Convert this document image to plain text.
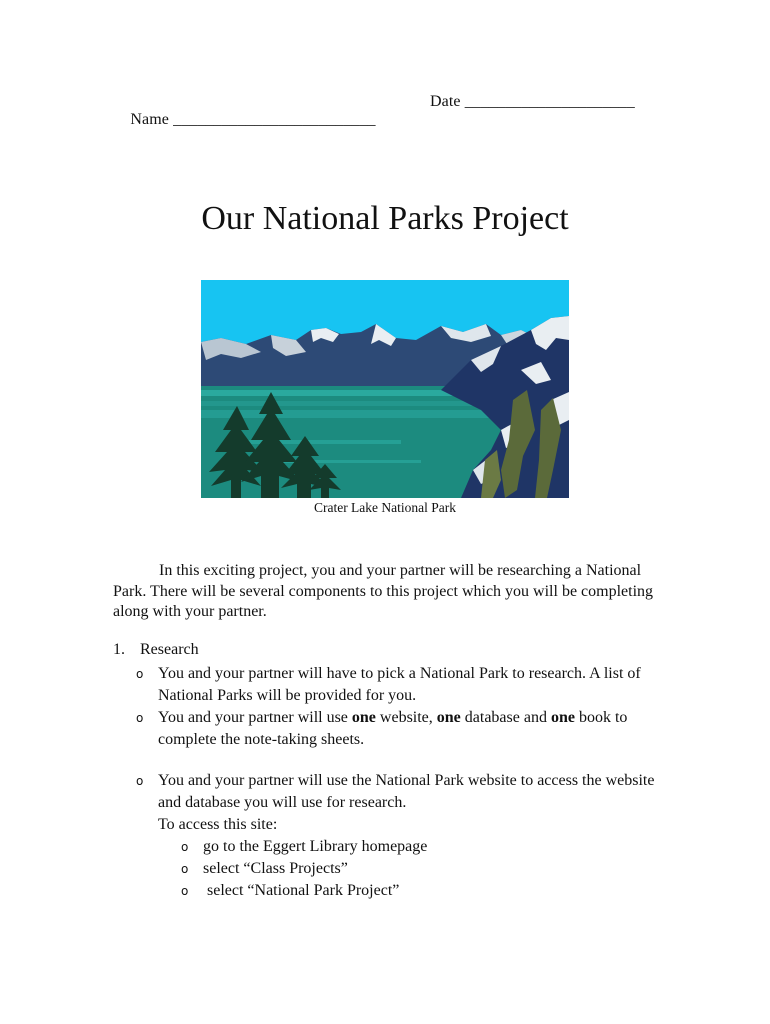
Name _________________________

Date _____________________

Our National Parks Project
Crater Lake National Park

In this exciting project, you and your partner will be researching a National Park. There will be several components to this project which you will be completing along with your partner.

1. Research
o You and your partner will have to pick a National Park to research. A list of National Parks will be provided for you.
o You and your partner will use one website, one database and one book to complete the note-taking sheets.
o You and your partner will use the National Park website to access the website and database you will use for research.
To access this site:
o go to the Eggert Library homepage
o select “Class Projects”
o select “National Park Project”
